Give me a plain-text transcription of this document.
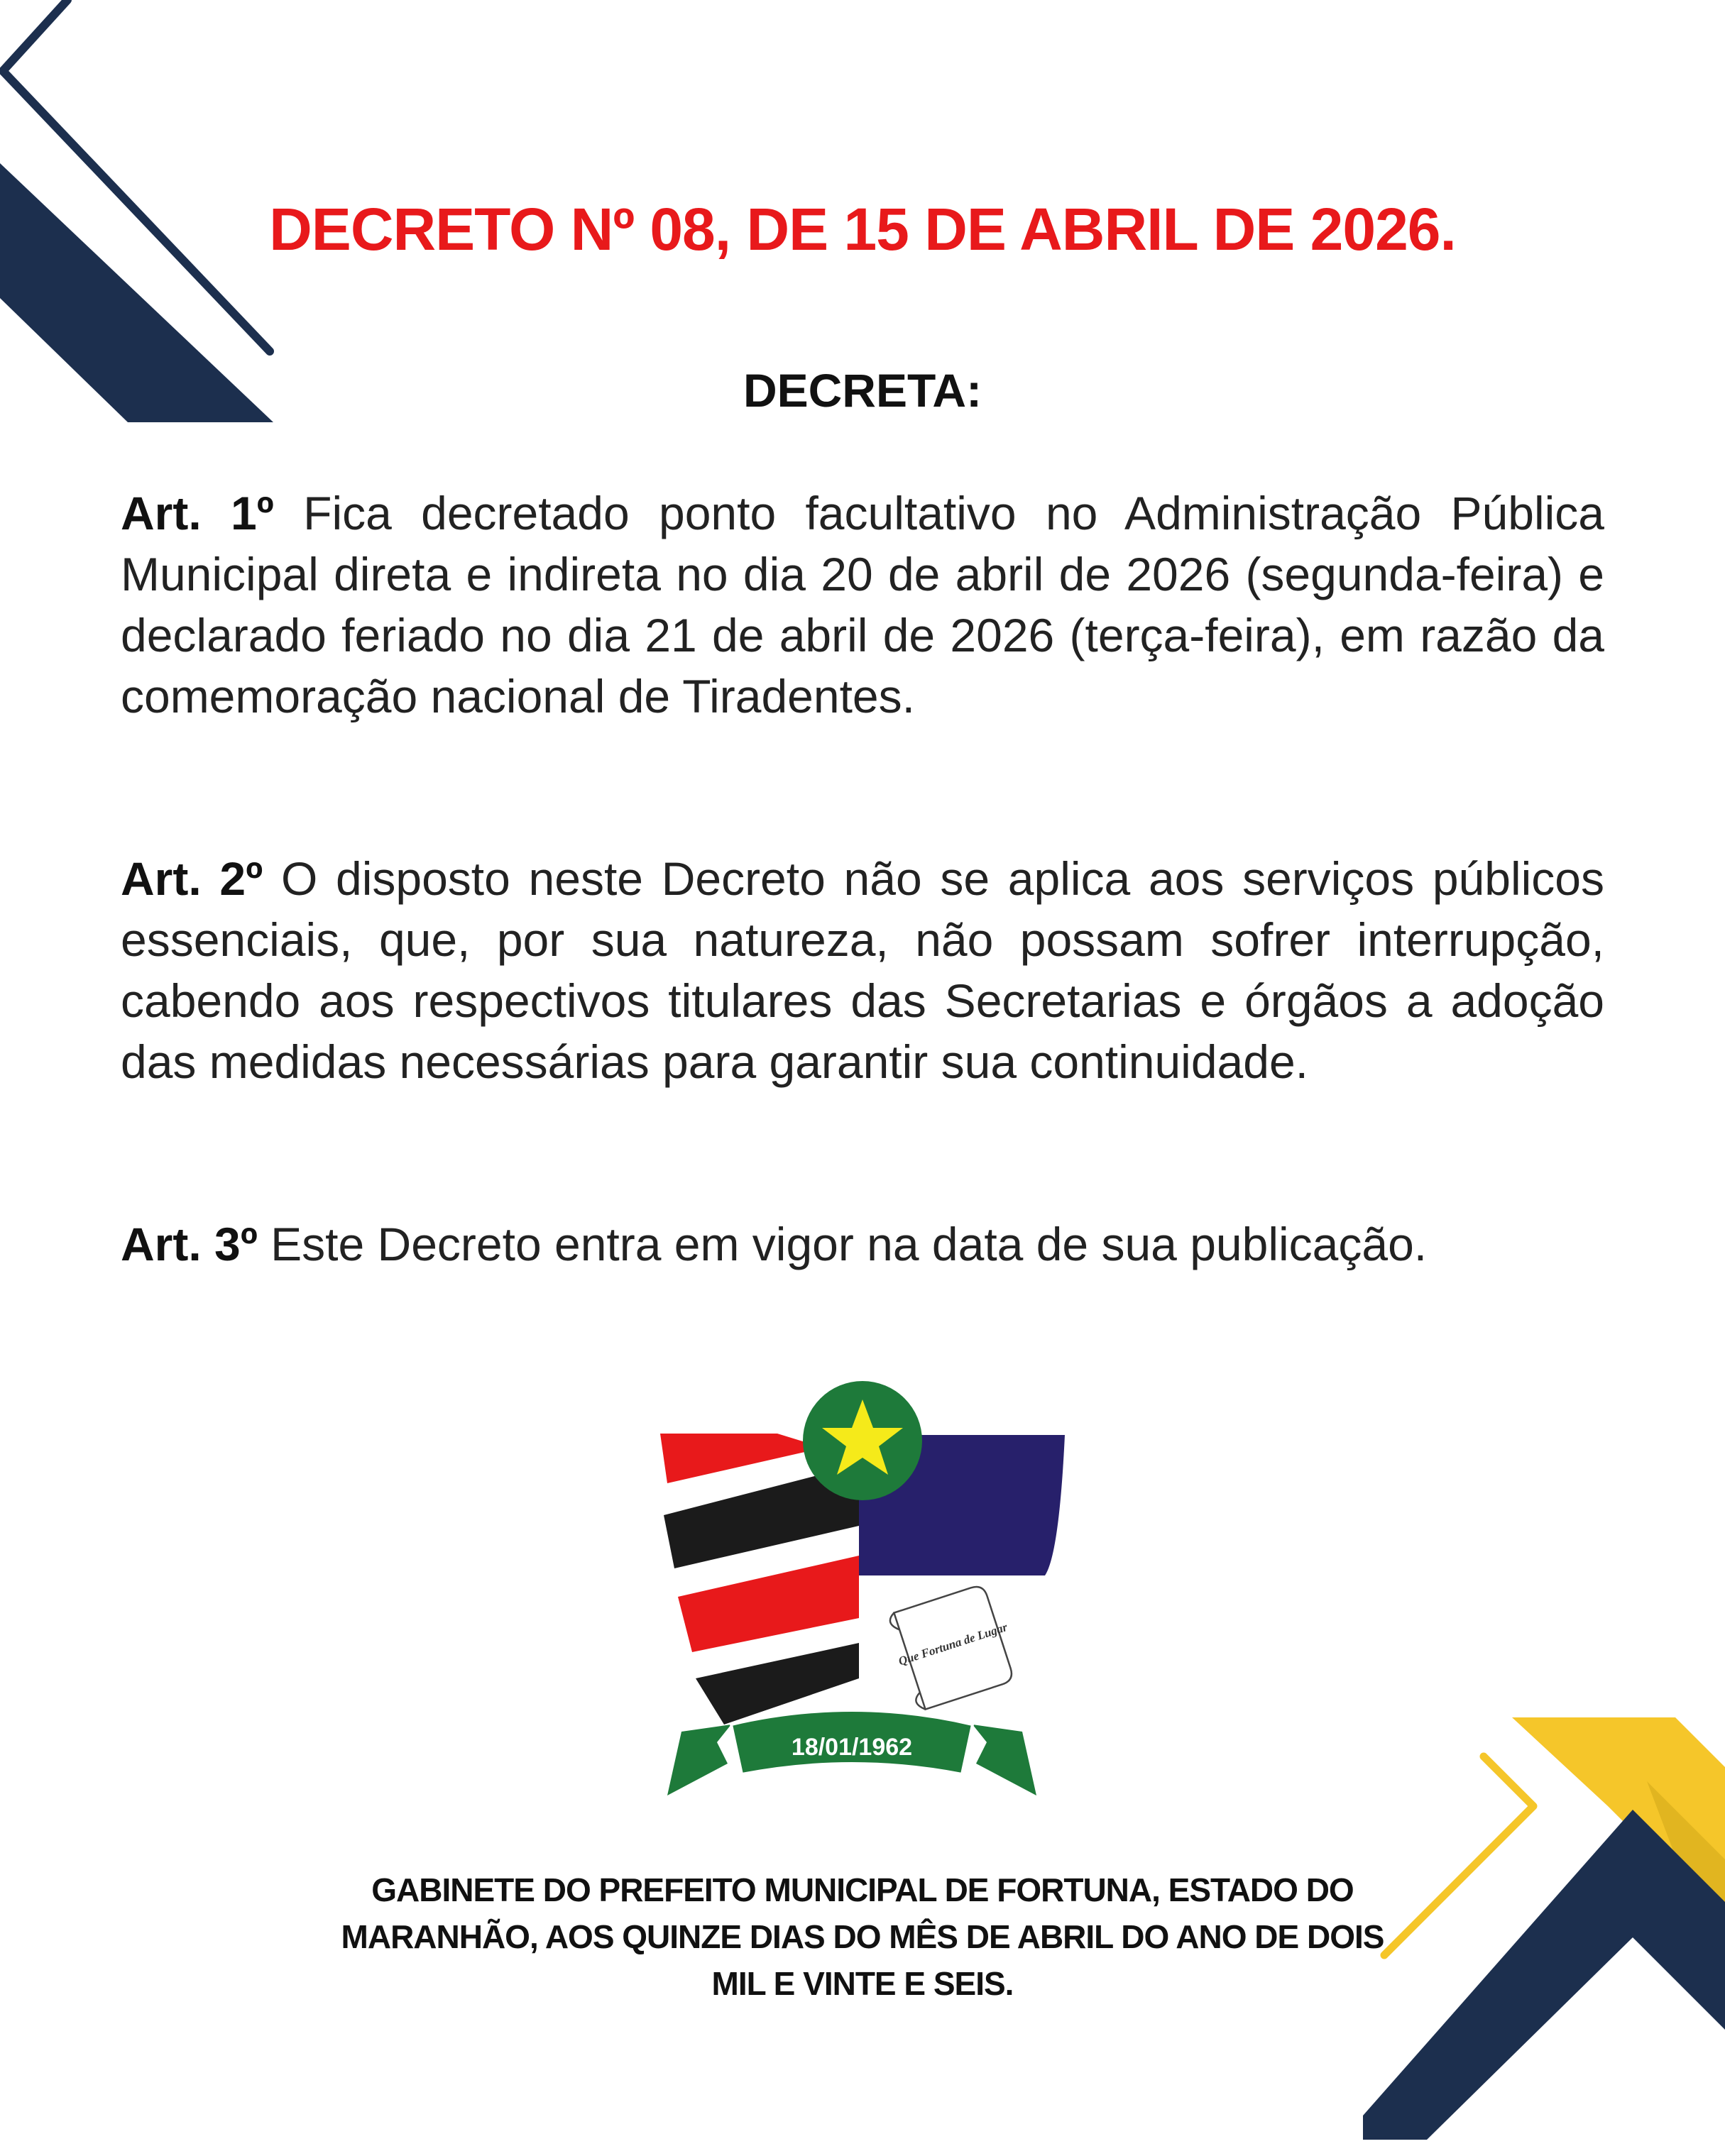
DECRETO Nº 08, DE 15 DE ABRIL DE 2026.
DECRETA:

Art. 1º Fica decretado ponto facultativo no Administração Pública Municipal direta e indireta no dia 20 de abril de 2026 (segunda-feira) e declarado feriado no dia 21 de abril de 2026 (terça-feira), em razão da comemoração nacional de Tiradentes.

Art. 2º O disposto neste Decreto não se aplica aos serviços públicos essenciais, que, por sua natureza, não possam sofrer interrupção, cabendo aos respectivos titulares das Secretarias e órgãos a adoção das medidas necessárias para garantir sua continuidade.

Art. 3º Este Decreto entra em vigor na data de sua publicação.

Que Fortuna de Lugar
18/01/1962

GABINETE DO PREFEITO MUNICIPAL DE FORTUNA, ESTADO DO MARANHÃO, AOS QUINZE DIAS DO MÊS DE ABRIL DO ANO DE DOIS MIL E VINTE E SEIS.
